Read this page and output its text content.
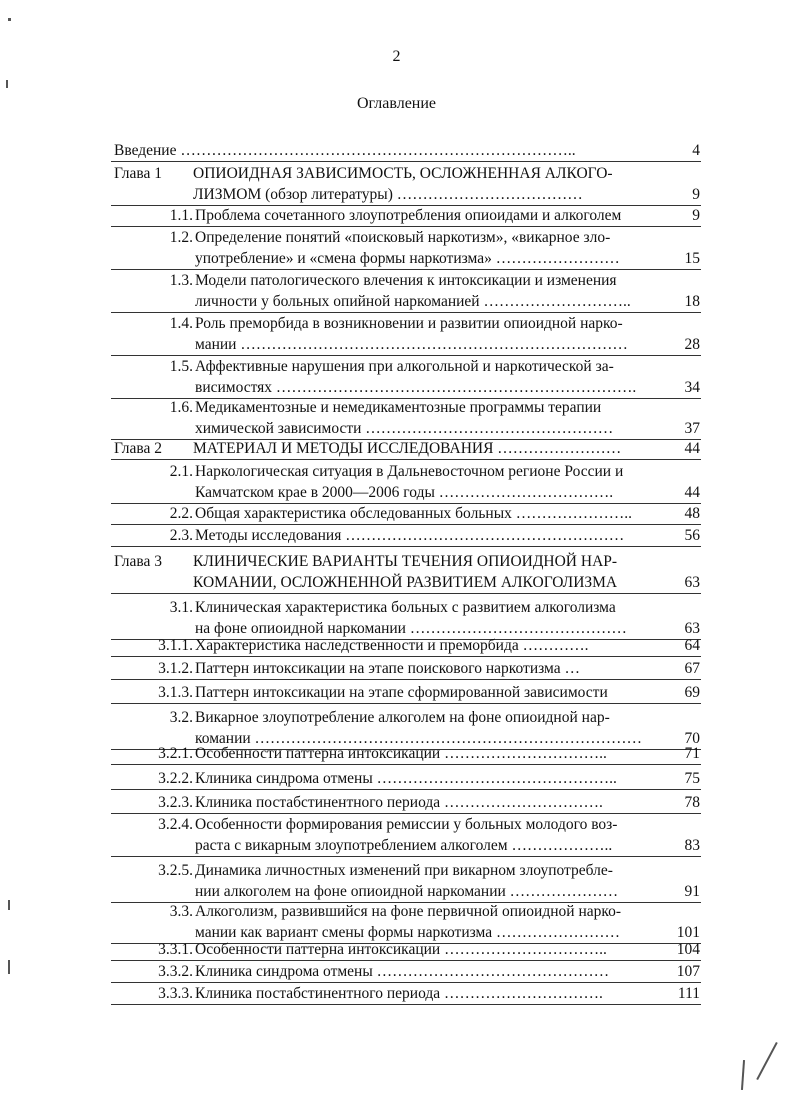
2
Оглавление
Введение …………………………………………………………………..	4
Глава 1 ОПИОИДНАЯ ЗАВИСИМОСТЬ, ОСЛОЖНЕННАЯ АЛКОГО-
ЛИЗМОМ (обзор литературы) ………………………………	9
1.1. Проблема сочетанного злоупотребления опиоидами и алкоголем	9
1.2. Определение понятий «поисковый наркотизм», «викарное зло-
употребление» и «смена формы наркотизма» ……………………	15
1.3. Модели патологического влечения к интоксикации и изменения
личности у больных опийной наркоманией ………………………..	18
1.4. Роль преморбида в возникновении и развитии опиоидной нарко-
мании …………………………………………………………………	28
1.5. Аффективные нарушения при алкогольной и наркотической за-
висимостях …………………………………………………………….	34
1.6. Медикаментозные и немедикаментозные программы терапии
химической зависимости …………………………………………	37
Глава 2 МАТЕРИАЛ И МЕТОДЫ ИССЛЕДОВАНИЯ ……………………	44
2.1. Наркологическая ситуация в Дальневосточном регионе России и
Камчатском крае в 2000—2006 годы …………………………….	44
2.2. Общая характеристика обследованных больных …………………..	48
2.3. Методы исследования ………………………………………………	56
Глава 3 КЛИНИЧЕСКИЕ ВАРИАНТЫ ТЕЧЕНИЯ ОПИОИДНОЙ НАР-
КОМАНИИ, ОСЛОЖНЕННОЙ РАЗВИТИЕМ АЛКОГОЛИЗМА	63
3.1. Клиническая характеристика больных с развитием алкоголизма
на фоне опиоидной наркомании ……………………………………	63
3.1.1. Характеристика наследственности и преморбида ………….	64
3.1.2. Паттерн интоксикации на этапе поискового наркотизма …	67
3.1.3. Паттерн интоксикации на этапе сформированной зависимости	69
3.2. Викарное злоупотребление алкоголем на фоне опиоидной нар-
комании …………………………………………………………………	70
3.2.1. Особенности паттерна интоксикации …………………………..	71
3.2.2. Клиника синдрома отмены ………………………………………..	75
3.2.3. Клиника постабстинентного периода ………………………….	78
3.2.4. Особенности формирования ремиссии у больных молодого воз-
раста с викарным злоупотреблением алкоголем ………………..	83
3.2.5. Динамика личностных изменений при викарном злоупотребле-
нии алкоголем на фоне опиоидной наркомании …………………	91
3.3. Алкоголизм, развившийся на фоне первичной опиоидной нарко-
мании как вариант смены формы наркотизма ……………………	101
3.3.1. Особенности паттерна интоксикации …………………………..	104
3.3.2. Клиника синдрома отмены ………………………………………	107
3.3.3. Клиника постабстинентного периода ………………………….	111
